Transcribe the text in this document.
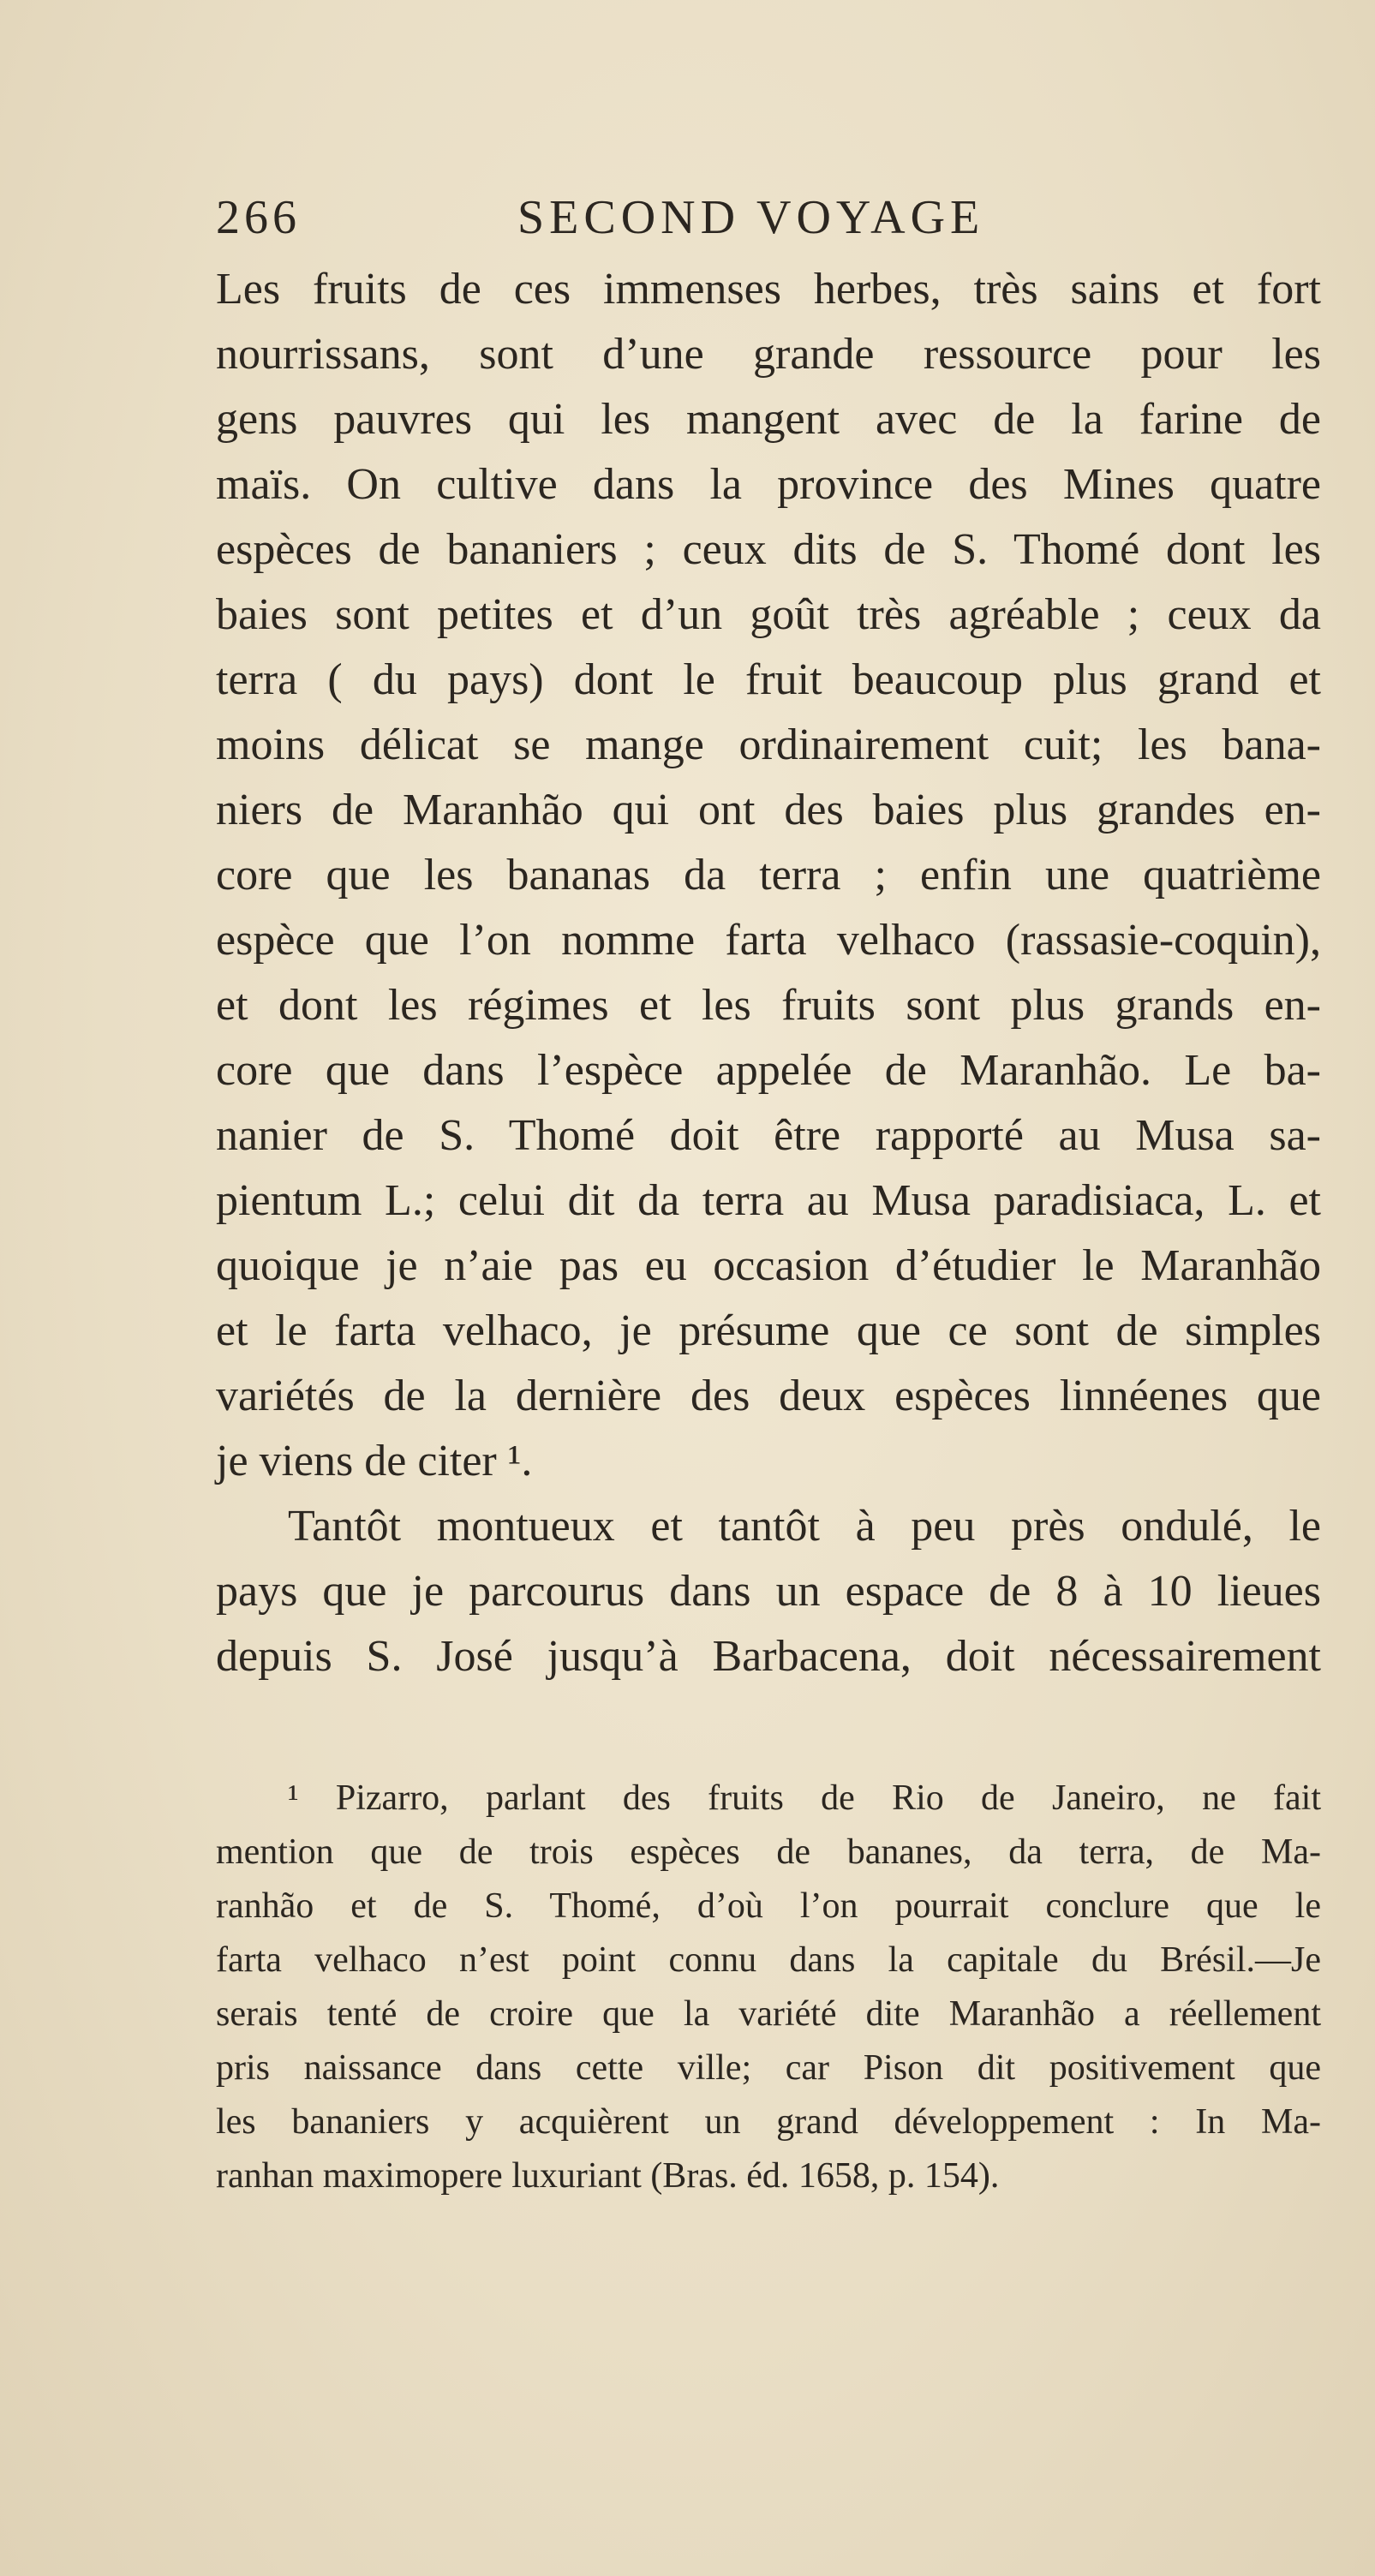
266	SECOND VOYAGE
Les fruits de ces immenses herbes, très sains et fort
nourrissans, sont d’une grande ressource pour les
gens pauvres qui les mangent avec de la farine de
maïs. On cultive dans la province des Mines quatre
espèces de bananiers ; ceux dits de S. Thomé dont les
baies sont petites et d’un goût très agréable ; ceux da
terra ( du pays) dont le fruit beaucoup plus grand et
moins délicat se mange ordinairement cuit; les bana-
niers de Maranhão qui ont des baies plus grandes en-
core que les bananas da terra ; enfin une quatrième
espèce que l’on nomme farta velhaco (rassasie-coquin),
et dont les régimes et les fruits sont plus grands en-
core que dans l’espèce appelée de Maranhão. Le ba-
nanier de S. Thomé doit être rapporté au Musa sa-
pientum L.; celui dit da terra au Musa paradisiaca, L. et
quoique je n’aie pas eu occasion d’étudier le Maranhão
et le farta velhaco, je présume que ce sont de simples
variétés de la dernière des deux espèces linnéenes que
je viens de citer ¹.
Tantôt montueux et tantôt à peu près ondulé, le
pays que je parcourus dans un espace de 8 à 10 lieues
depuis S. José jusqu’à Barbacena, doit nécessairement
¹ Pizarro, parlant des fruits de Rio de Janeiro, ne fait
mention que de trois espèces de bananes, da terra, de Ma-
ranhão et de S. Thomé, d’où l’on pourrait conclure que le
farta velhaco n’est point connu dans la capitale du Brésil.—Je
serais tenté de croire que la variété dite Maranhão a réellement
pris naissance dans cette ville; car Pison dit positivement que
les bananiers y acquièrent un grand développement : In Ma-
ranhan maximopere luxuriant (Bras. éd. 1658, p. 154).
